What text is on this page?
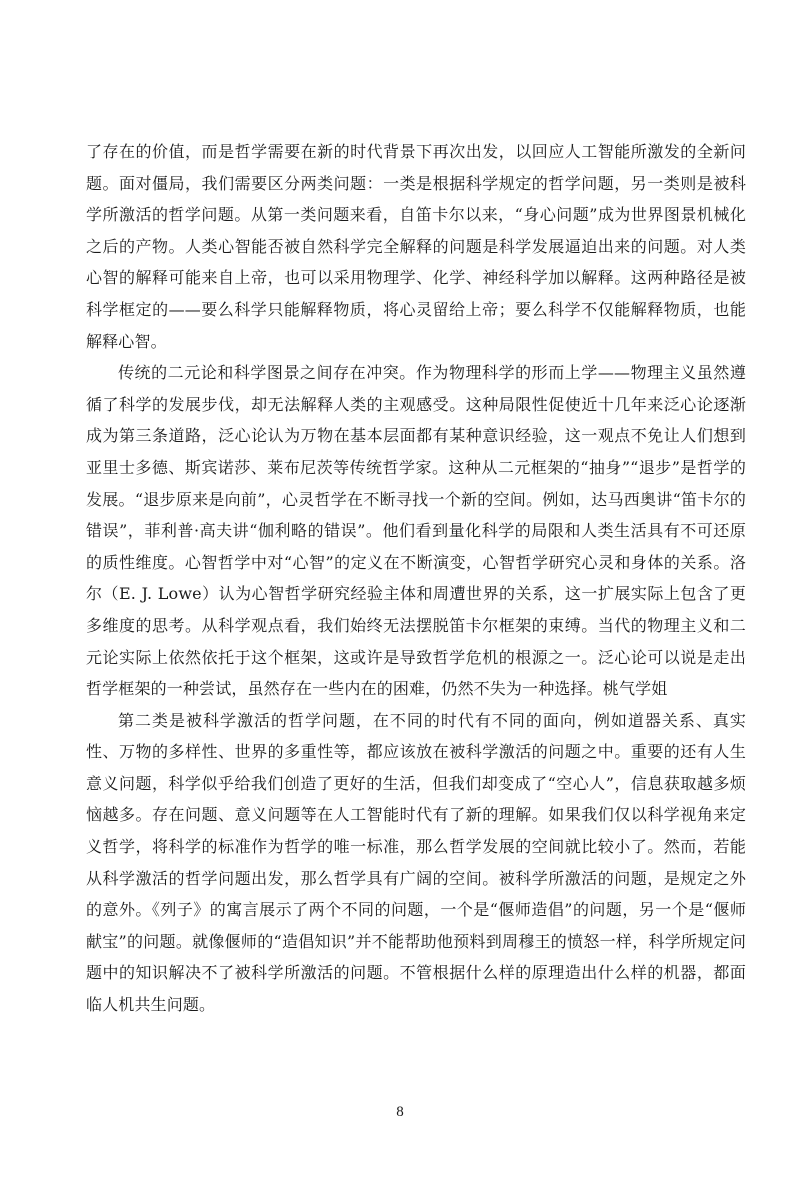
了存在的价值，而是哲学需要在新的时代背景下再次出发，以回应人工智能所激发的全新问题。面对僵局，我们需要区分两类问题：一类是根据科学规定的哲学问题，另一类则是被科学所激活的哲学问题。从第一类问题来看，自笛卡尔以来，“身心问题”成为世界图景机械化之后的产物。人类心智能否被自然科学完全解释的问题是科学发展逼迫出来的问题。对人类心智的解释可能来自上帝，也可以采用物理学、化学、神经科学加以解释。这两种路径是被科学框定的——要么科学只能解释物质，将心灵留给上帝；要么科学不仅能解释物质，也能解释心智。

传统的二元论和科学图景之间存在冲突。作为物理科学的形而上学——物理主义虽然遵循了科学的发展步伐，却无法解释人类的主观感受。这种局限性促使近十几年来泛心论逐渐成为第三条道路，泛心论认为万物在基本层面都有某种意识经验，这一观点不免让人们想到亚里士多德、斯宾诺莎、莱布尼茨等传统哲学家。这种从二元框架的“抽身”“退步”是哲学的发展。“退步原来是向前”，心灵哲学在不断寻找一个新的空间。例如，达马西奥讲“笛卡尔的错误”，菲利普·高夫讲“伽利略的错误”。他们看到量化科学的局限和人类生活具有不可还原的质性维度。心智哲学中对“心智”的定义在不断演变，心智哲学研究心灵和身体的关系。洛尔（E. J. Lowe）认为心智哲学研究经验主体和周遭世界的关系，这一扩展实际上包含了更多维度的思考。从科学观点看，我们始终无法摆脱笛卡尔框架的束缚。当代的物理主义和二元论实际上依然依托于这个框架，这或许是导致哲学危机的根源之一。泛心论可以说是走出哲学框架的一种尝试，虽然存在一些内在的困难，仍然不失为一种选择。桃气学姐

第二类是被科学激活的哲学问题，在不同的时代有不同的面向，例如道器关系、真实性、万物的多样性、世界的多重性等，都应该放在被科学激活的问题之中。重要的还有人生意义问题，科学似乎给我们创造了更好的生活，但我们却变成了“空心人”，信息获取越多烦恼越多。存在问题、意义问题等在人工智能时代有了新的理解。如果我们仅以科学视角来定义哲学，将科学的标准作为哲学的唯一标准，那么哲学发展的空间就比较小了。然而，若能从科学激活的哲学问题出发，那么哲学具有广阔的空间。被科学所激活的问题，是规定之外的意外。《列子》的寓言展示了两个不同的问题，一个是“偃师造倡”的问题，另一个是“偃师献宝”的问题。就像偃师的“造倡知识”并不能帮助他预料到周穆王的愤怒一样，科学所规定问题中的知识解决不了被科学所激活的问题。不管根据什么样的原理造出什么样的机器，都面临人机共生问题。

8
